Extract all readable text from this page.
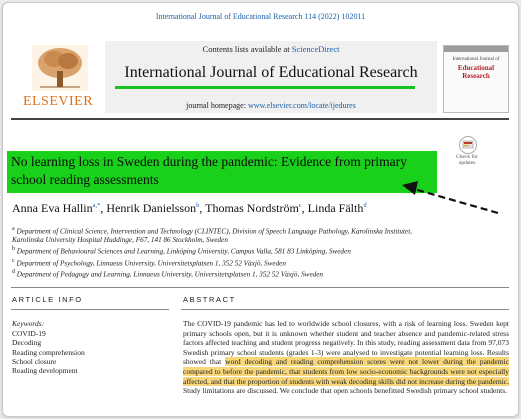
International Journal of Educational Research 114 (2022) 102011
ELSEVIER
Contents lists available at ScienceDirect
International Journal of Educational Research
journal homepage: www.elsevier.com/locate/ijedures
International Journal of
Educational
Research
Check for
updates
No learning loss in Sweden during the pandemic: Evidence from primary school reading assessments
Anna Eva Hallin$^{a,*}$, Henrik Danielsson$^b$, Thomas Nordström$^c$, Linda Fälth$^d$
$^a$ Department of Clinical Science, Intervention and Technology (CLINTEC), Division of Speech Language Pathology, Karolinska Institutet, Karolinska University Hospital Huddinge, F67, 141 86 Stockholm, Sweden
$^b$ Department of Behavioural Sciences and Learning, Linköping University, Campus Valla, 581 83 Linköping, Sweden
$^c$ Department of Psychology, Linnaeus University, Universitetsplatsen 1, 352 52 Växjö, Sweden
$^d$ Department of Pedagogy and Learning, Linnaeus University, Universitetsplatsen 1, 352 52 Växjö, Sweden
ARTICLE INFO
Keywords:
COVID-19
Decoding
Reading comprehension
School closure
Reading development
ABSTRACT
The COVID-19 pandemic has led to worldwide school closures, with a risk of learning loss. Sweden kept primary schools open, but it is unknown whether student and teacher absence and pandemic-related stress factors affected teaching and student progress negatively. In this study, reading assessment data from 97,073 Swedish primary school students (grades 1-3) were analysed to investigate potential learning loss. Results showed that word decoding and reading comprehension scores were not lower during the pandemic compared to before the pandemic, that students from low socio-economic backgrounds were not especially affected, and that the proportion of students with weak decoding skills did not increase during the pandemic. Study limitations are discussed. We conclude that open schools benefitted Swedish primary school students.
